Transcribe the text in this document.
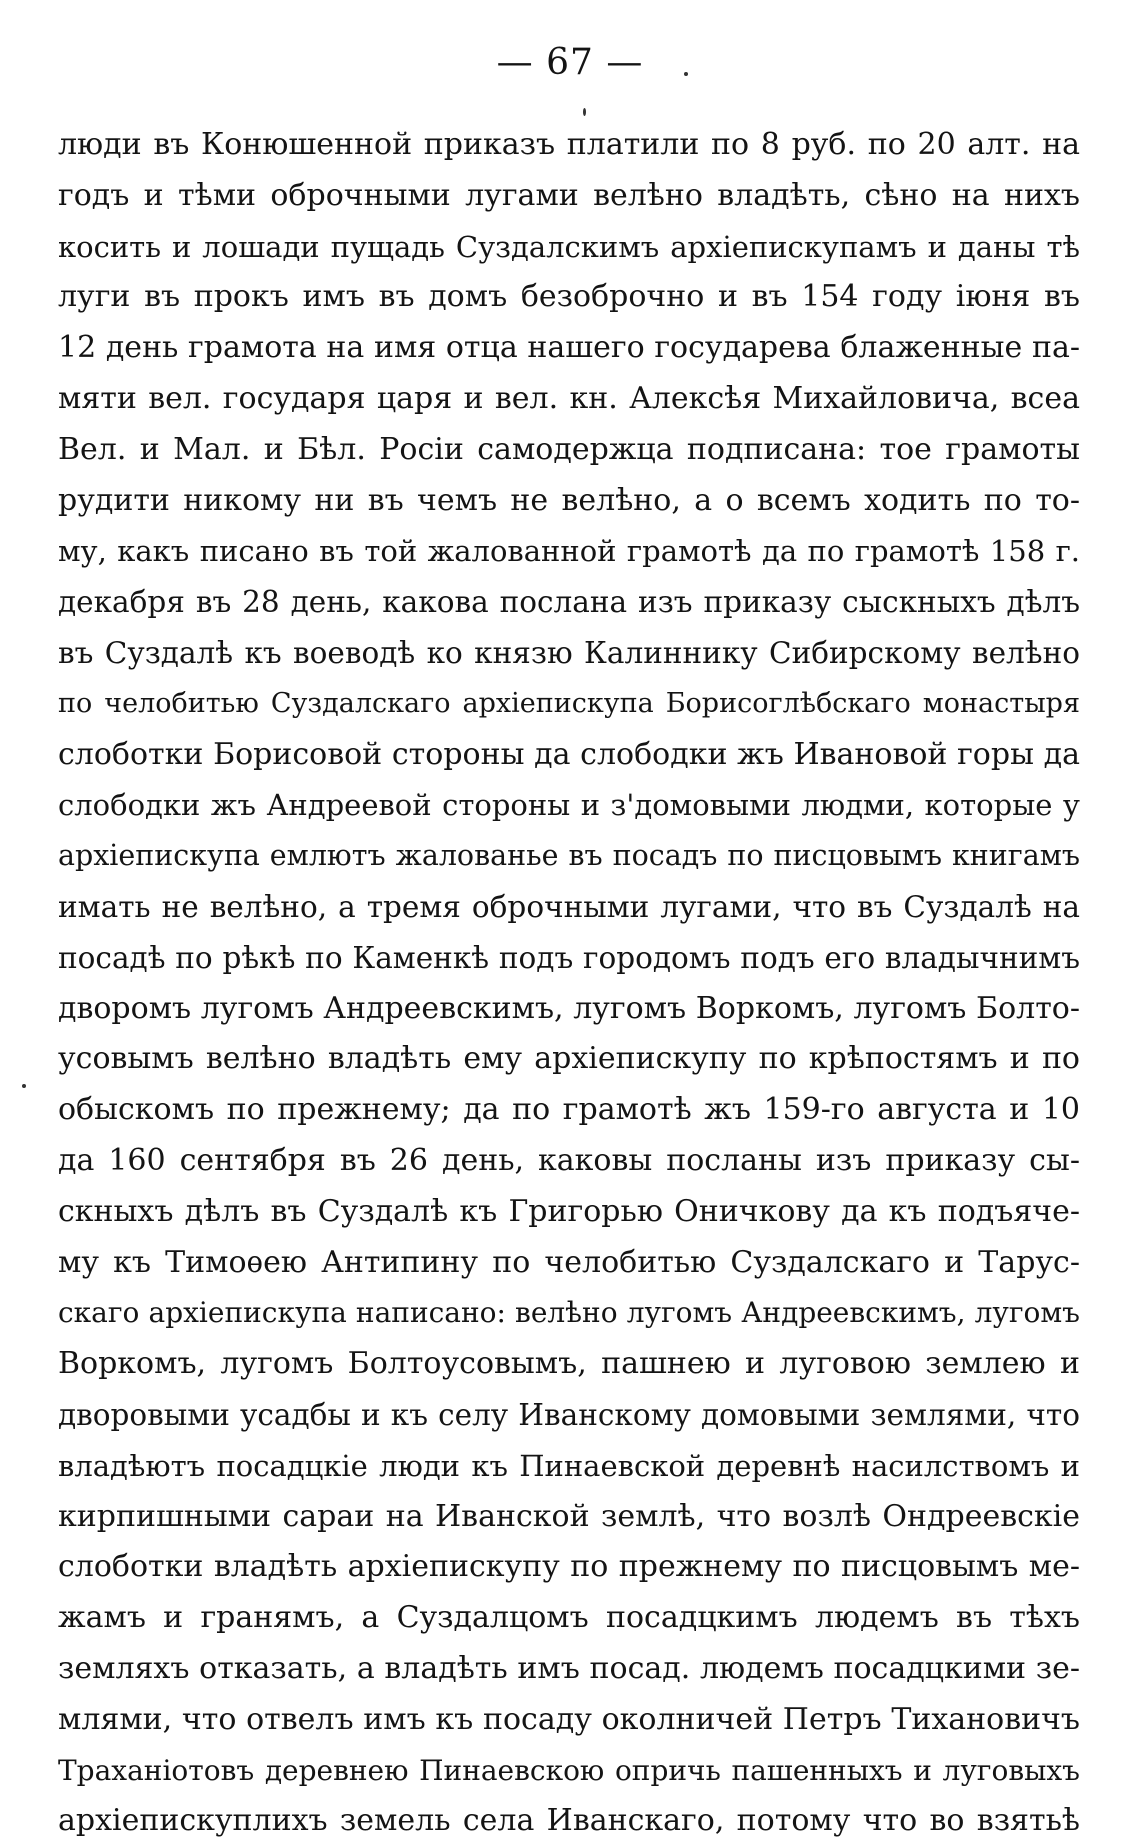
— 67 —
люди въ Конюшенной приказъ платили по 8 руб. по 20 алт. на
годъ и тѣми оброчными лугами велѣно владѣть, сѣно на нихъ
косить и лошади пущадь Суздалскимъ архiепискупамъ и даны тѣ
луги въ прокъ имъ въ домъ безоброчно и въ 154 году iюня въ
12 день грамота на имя отца нашего государева блаженные па-
мяти вел. государя царя и вел. кн. Алексѣя Михайловича, всеа
Вел. и Мал. и Бѣл. Росiи самодержца подписана: тое грамоты
рудити никому ни въ чемъ не велѣно, а о всемъ ходить по то-
му, какъ писано въ той жалованной грамотѣ да по грамотѣ 158 г.
декабря въ 28 день, какова послана изъ приказу сыскныхъ дѣлъ
въ Суздалѣ къ воеводѣ ко князю Калиннику Сибирскому велѣно
по челобитью Суздалскаго архiепискупа Борисоглѣбскаго монастыря
слоботки Борисовой стороны да слободки жъ Ивановой горы да
слободки жъ Андреевой стороны и з'домовыми людми, которые у
архiепискупа емлютъ жалованье въ посадъ по писцовымъ книгамъ
имать не велѣно, а тремя оброчными лугами, что въ Суздалѣ на
посадѣ по рѣкѣ по Каменкѣ подъ городомъ подъ его владычнимъ
дворомъ лугомъ Андреевскимъ, лугомъ Воркомъ, лугомъ Болто-
усовымъ велѣно владѣть ему архiепискупу по крѣпостямъ и по
обыскомъ по прежнему; да по грамотѣ жъ 159-го августа и 10
да 160 сентября въ 26 день, каковы посланы изъ приказу сы-
скныхъ дѣлъ въ Суздалѣ къ Григорью Оничкову да къ подъяче-
му къ Тимоѳею Антипину по челобитью Суздалскаго и Тарус-
скаго архiепискупа написано: велѣно лугомъ Андреевскимъ, лугомъ
Воркомъ, лугомъ Болтоусовымъ, пашнею и луговою землею и
дворовыми усадбы и къ селу Иванскому домовыми землями, что
владѣютъ посадцкiе люди къ Пинаевской деревнѣ насилствомъ и
кирпишными сараи на Иванской землѣ, что возлѣ Ондреевскiе
слоботки владѣть архiепискупу по прежнему по писцовымъ ме-
жамъ и гранямъ, а Суздалцомъ посадцкимъ людемъ въ тѣхъ
земляхъ отказать, а владѣть имъ посад. людемъ посадцкими зе-
млями, что отвелъ имъ къ посаду околничей Петръ Тихановичъ
Траханiотовъ деревнею Пинаевскою опричь пашенныхъ и луговыхъ
архiепискуплихъ земель села Иванскаго, потому что во взятьѣ
